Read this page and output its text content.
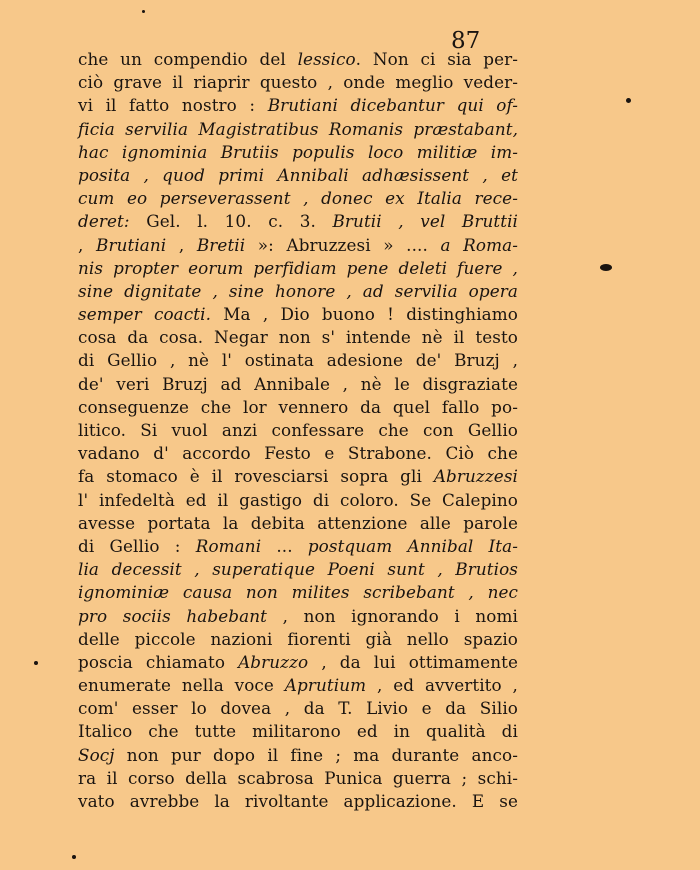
87
che un compendio del lessico. Non ci sia per-
ciò grave il riaprir questo , onde meglio veder-
vi il fatto nostro : Brutiani dicebantur qui of-
ficia servilia Magistratibus Romanis præstabant,
hac ignominia Brutiis populis loco militiæ im-
posita , quod primi Annibali adhæsissent , et
cum eo perseverassent , donec ex Italia rece-
deret: Gel. l. 10. c. 3. Brutii , vel Bruttii
, Brutiani , Bretii »: Abruzzesi » .... a Roma-
nis propter eorum perfidiam pene deleti fuere ,
sine dignitate , sine honore , ad servilia opera
semper coacti. Ma , Dio buono ! distinghiamo
cosa da cosa. Negar non s' intende nè il testo
di Gellio , nè l' ostinata adesione de' Bruzj ,
de' veri Bruzj ad Annibale , nè le disgraziate
conseguenze che lor vennero da quel fallo po-
litico. Si vuol anzi confessare che con Gellio
vadano d' accordo Festo e Strabone. Ciò che
fa stomaco è il rovesciarsi sopra gli Abruzzesi
l' infedeltà ed il gastigo di coloro. Se Calepino
avesse portata la debita attenzione alle parole
di Gellio : Romani ... postquam Annibal Ita-
lia decessit , superatique Poeni sunt , Brutios
ignominiæ causa non milites scribebant , nec
pro sociis habebant , non ignorando i nomi
delle piccole nazioni fiorenti già nello spazio
poscia chiamato Abruzzo , da lui ottimamente
enumerate nella voce Aprutium , ed avvertito ,
com' esser lo dovea , da T. Livio e da Silio
Italico che tutte militarono ed in qualità di
Socj non pur dopo il fine ; ma durante anco-
ra il corso della scabrosa Punica guerra ; schi-
vato avrebbe la rivoltante applicazione. E se
